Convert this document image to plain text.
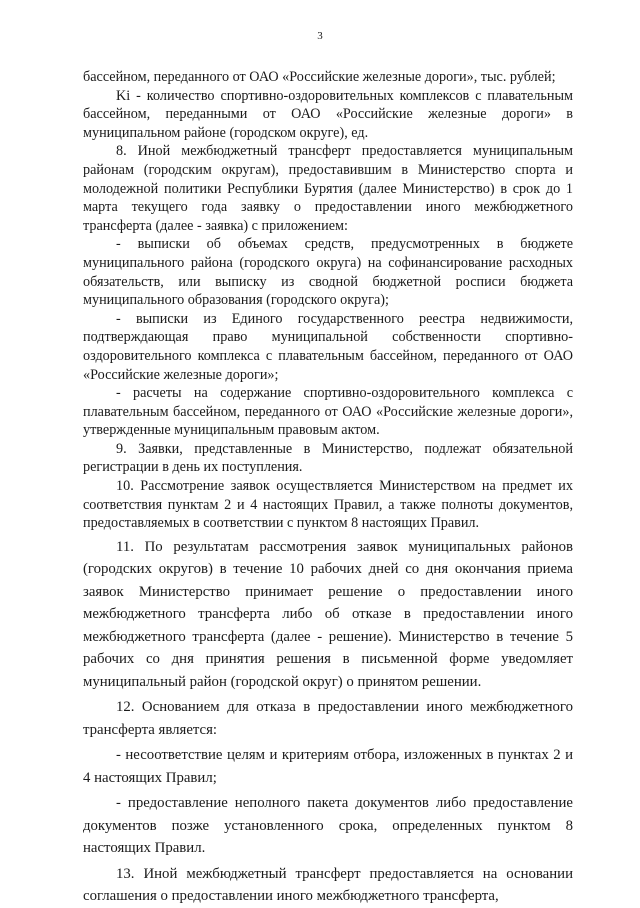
3

бассейном, переданного от ОАО «Российские железные дороги», тыс. рублей;

Ki - количество спортивно-оздоровительных комплексов с плавательным бассейном, переданными от ОАО «Российские железные дороги» в муниципальном районе (городском округе), ед.

8. Иной межбюджетный трансферт предоставляется муниципальным районам (городским округам), предоставившим в Министерство спорта и молодежной политики Республики Бурятия (далее Министерство) в срок до 1 марта текущего года заявку о предоставлении иного межбюджетного трансферта (далее - заявка) с приложением:

- выписки об объемах средств, предусмотренных в бюджете муниципального района (городского округа) на софинансирование расходных обязательств, или выписку из сводной бюджетной росписи бюджета муниципального образования (городского округа);

- выписки из Единого государственного реестра недвижимости, подтверждающая право муниципальной собственности спортивно-оздоровительного комплекса с плавательным бассейном, переданного от ОАО «Российские железные дороги»;

- расчеты на содержание спортивно-оздоровительного комплекса с плавательным бассейном, переданного от ОАО «Российские железные дороги», утвержденные муниципальным правовым актом.

9. Заявки, представленные в Министерство, подлежат обязательной регистрации в день их поступления.

10. Рассмотрение заявок осуществляется Министерством на предмет их соответствия пунктам 2 и 4 настоящих Правил, а также полноты документов, предоставляемых в соответствии с пунктом 8 настоящих Правил.

11. По результатам рассмотрения заявок муниципальных районов (городских округов) в течение 10 рабочих дней со дня окончания приема заявок Министерство принимает решение о предоставлении иного межбюджетного трансферта либо об отказе в предоставлении иного межбюджетного трансферта (далее - решение). Министерство в течение 5 рабочих со дня принятия решения в письменной форме уведомляет муниципальный район (городской округ) о принятом решении.

12. Основанием для отказа в предоставлении иного межбюджетного трансферта является:

- несоответствие целям и критериям отбора, изложенных в пунктах 2 и 4 настоящих Правил;

- предоставление неполного пакета документов либо предоставление документов позже установленного срока, определенных пунктом 8 настоящих Правил.

13. Иной межбюджетный трансферт предоставляется на основании соглашения о предоставлении иного межбюджетного трансферта,
